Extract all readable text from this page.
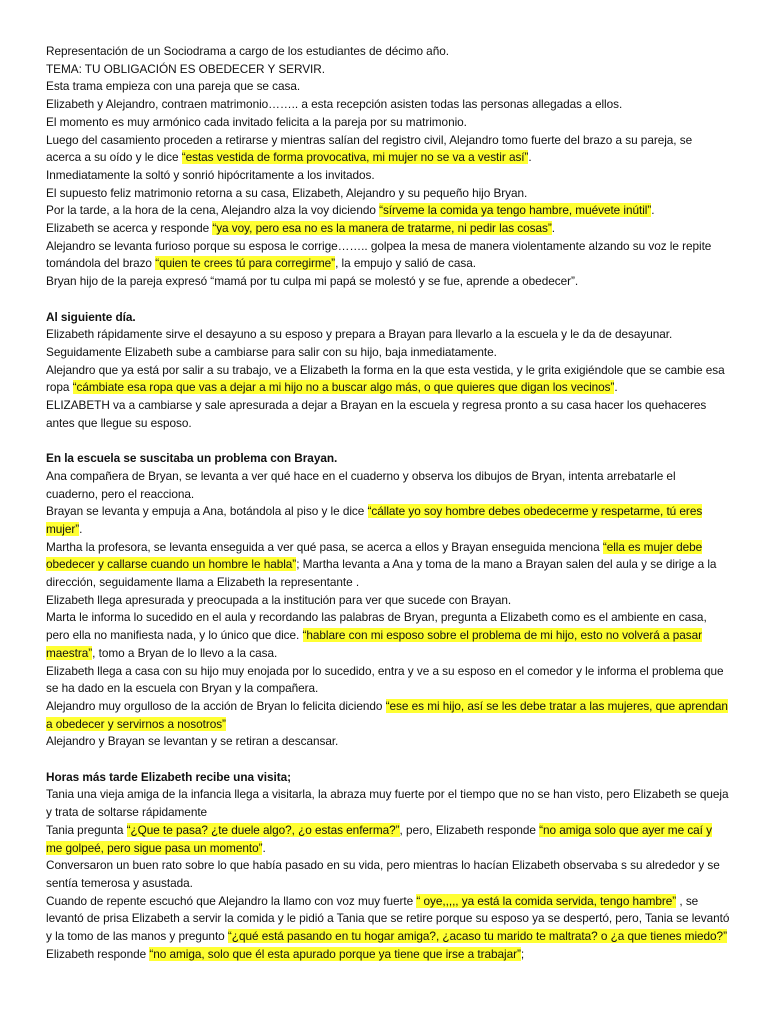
Representación de un Sociodrama a cargo de los estudiantes de décimo año.

TEMA: TU OBLIGACIÓN ES OBEDECER Y SERVIR.

Esta trama empieza con una pareja que se casa.

Elizabeth y Alejandro, contraen matrimonio…….. a esta recepción asisten todas las personas allegadas a ellos.

El momento es muy armónico cada invitado felicita a la pareja por su matrimonio.

Luego del casamiento proceden a retirarse y mientras salían del registro civil, Alejandro tomo fuerte del brazo a su pareja, se acerca a su oído y le dice “estas vestida de forma provocativa, mi mujer no se va a vestir así”.

Inmediatamente la soltó y sonrió hipócritamente a los invitados.

El supuesto feliz matrimonio retorna a su casa, Elizabeth, Alejandro y su pequeño hijo Bryan.

Por la tarde, a la hora de la cena, Alejandro alza la voy diciendo “sírveme la comida ya tengo hambre, muévete inútil”.

Elizabeth se acerca y responde “ya voy, pero esa no es la manera de tratarme, ni pedir las cosas”.

Alejandro se levanta furioso porque su esposa le corrige…….. golpea la mesa de manera violentamente alzando su voz le repite tomándola del brazo “quien te crees tú para corregirme”, la empujo y salió de casa.

Bryan hijo de la pareja expresó “mamá por tu culpa mi papá se molestó y se fue, aprende a obedecer”.

Al siguiente día.

Elizabeth rápidamente sirve el desayuno a su esposo y prepara a Brayan para llevarlo a la escuela y le da de desayunar.

Seguidamente Elizabeth sube a cambiarse para salir con su hijo, baja inmediatamente.

Alejandro que ya está por salir a su trabajo, ve a Elizabeth la forma en la que esta vestida, y le grita exigiéndole que se cambie esa ropa “cámbiate esa ropa que vas a dejar a mi hijo no a buscar algo más, o que quieres que digan los vecinos”.

ELIZABETH va a cambiarse y sale apresurada a dejar a Brayan en la escuela y regresa pronto a su casa hacer los quehaceres antes que llegue su esposo.

En la escuela se suscitaba un problema con Brayan.

Ana compañera de Bryan, se levanta a ver qué hace en el cuaderno y observa los dibujos de Bryan, intenta arrebatarle el cuaderno, pero el reacciona.

Brayan se levanta y empuja a Ana, botándola al piso y le dice “cállate yo soy hombre debes obedecerme y respetarme, tú eres mujer”.

Martha la profesora, se levanta enseguida a ver qué pasa, se acerca a ellos y Brayan enseguida menciona “ella es mujer debe obedecer y callarse cuando un hombre le habla”; Martha levanta a Ana y toma de la mano a Brayan salen del aula y se dirige a la dirección, seguidamente llama a Elizabeth la representante .

Elizabeth llega apresurada y preocupada a la institución para ver que sucede con Brayan.

Marta le informa lo sucedido en el aula y recordando las palabras de Bryan, pregunta a Elizabeth como es el ambiente en casa, pero ella no manifiesta nada, y lo único que dice. “hablare con mi esposo sobre el problema de mi hijo, esto no volverá a pasar maestra”, tomo a Bryan de lo llevo a la casa.

Elizabeth llega a casa con su hijo muy enojada por lo sucedido, entra y ve a su esposo en el comedor y le informa el problema que se ha dado en la escuela con Bryan y la compañera.

Alejandro muy orgulloso de la acción de Bryan lo felicita diciendo “ese es mi hijo, así se les debe tratar a las mujeres, que aprendan a obedecer y servirnos a nosotros”

Alejandro y Brayan se levantan y se retiran a descansar.

Horas más tarde Elizabeth recibe una visita;

Tania una vieja amiga de la infancia llega a visitarla, la abraza muy fuerte por el tiempo que no se han visto, pero Elizabeth se queja y trata de soltarse rápidamente

Tania pregunta “¿Que te pasa? ¿te duele algo?, ¿o estas enferma?”, pero, Elizabeth responde “no amiga solo que ayer me caí y me golpeé, pero sigue pasa un momento”.

Conversaron un buen rato sobre lo que había pasado en su vida, pero mientras lo hacían Elizabeth observaba s su alrededor y se sentía temerosa y asustada.

Cuando de repente escuchó que Alejandro la llamo con voz muy fuerte “ oye,,,,, ya está la comida servida, tengo hambre” , se levantó de prisa Elizabeth a servir la comida y le pidió a Tania que se retire porque su esposo ya se despertó, pero, Tania se levantó y la tomo de las manos y pregunto “¿qué está pasando en tu hogar amiga?, ¿acaso tu marido te maltrata? o ¿a que tienes miedo?”

Elizabeth responde “no amiga, solo que él esta apurado porque ya tiene que irse a trabajar”;
